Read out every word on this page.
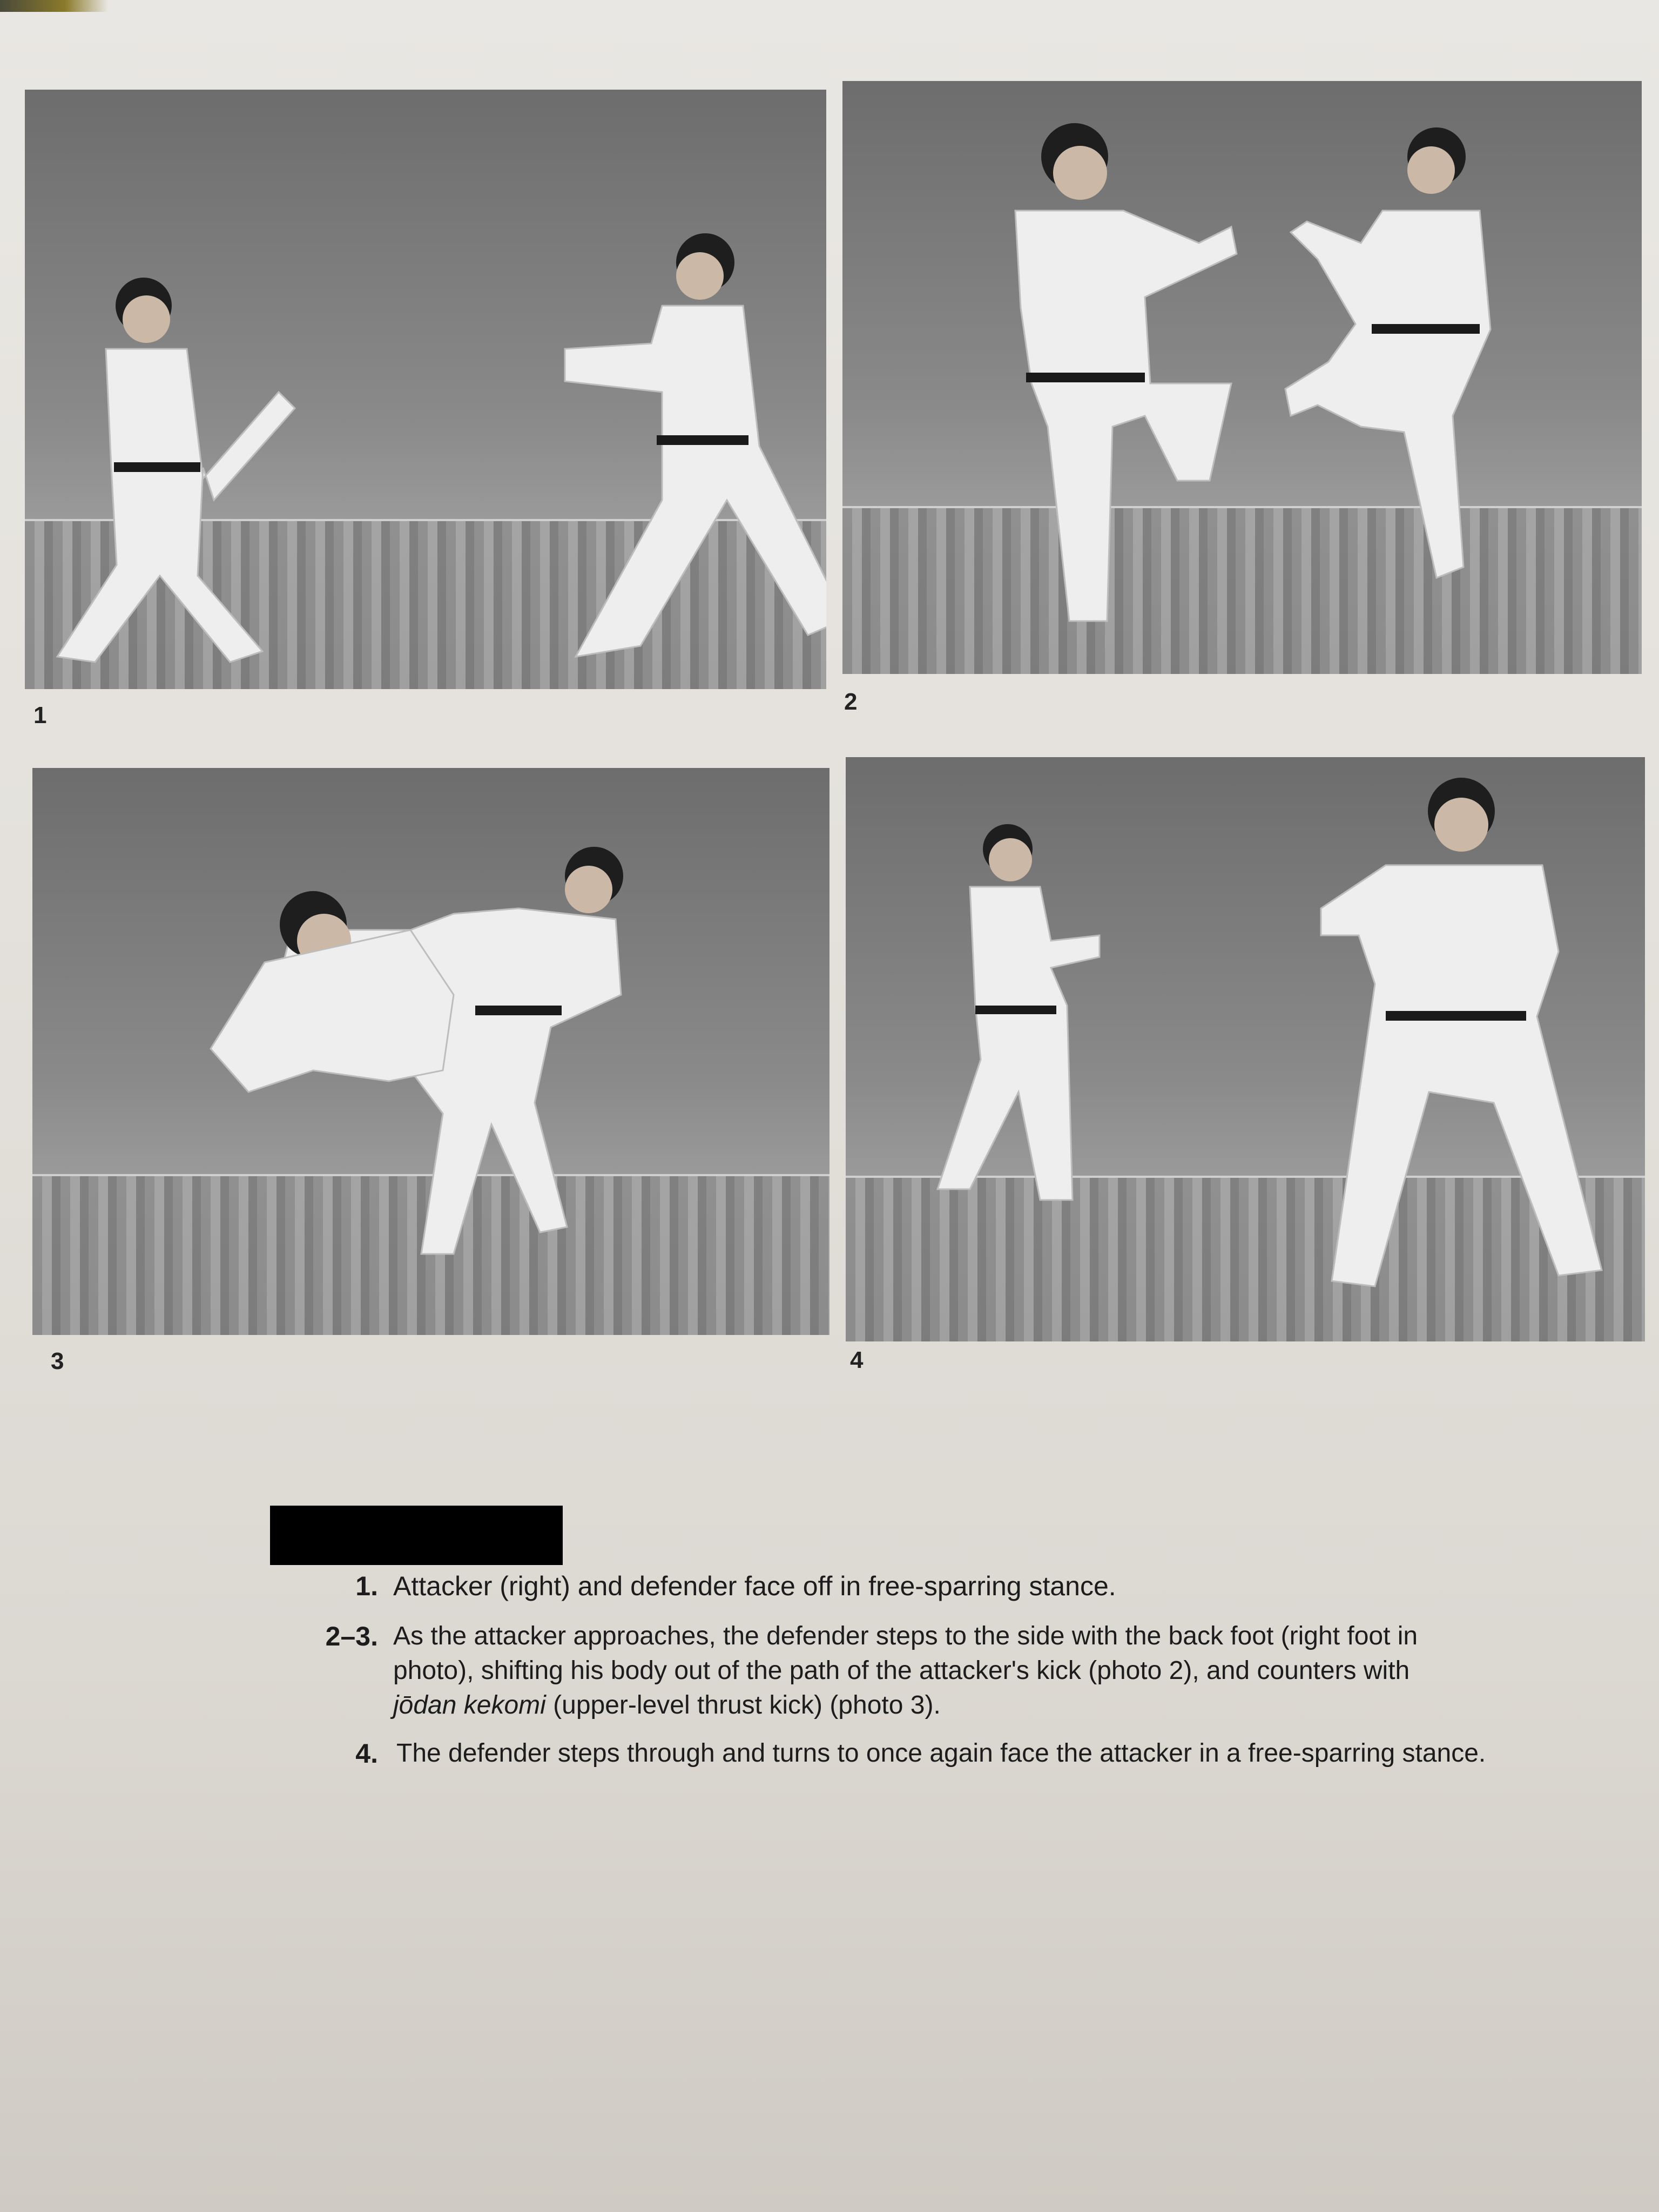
1
2
3	4
1. Attacker (right) and defender face off in free-sparring stance.
2–3. As the attacker approaches, the defender steps to the side with the back foot (right foot in
photo), shifting his body out of the path of the attacker's kick (photo 2), and counters with
jōdan kekomi (upper-level thrust kick) (photo 3).
4. The defender steps through and turns to once again face the attacker in a free-sparring stance.
